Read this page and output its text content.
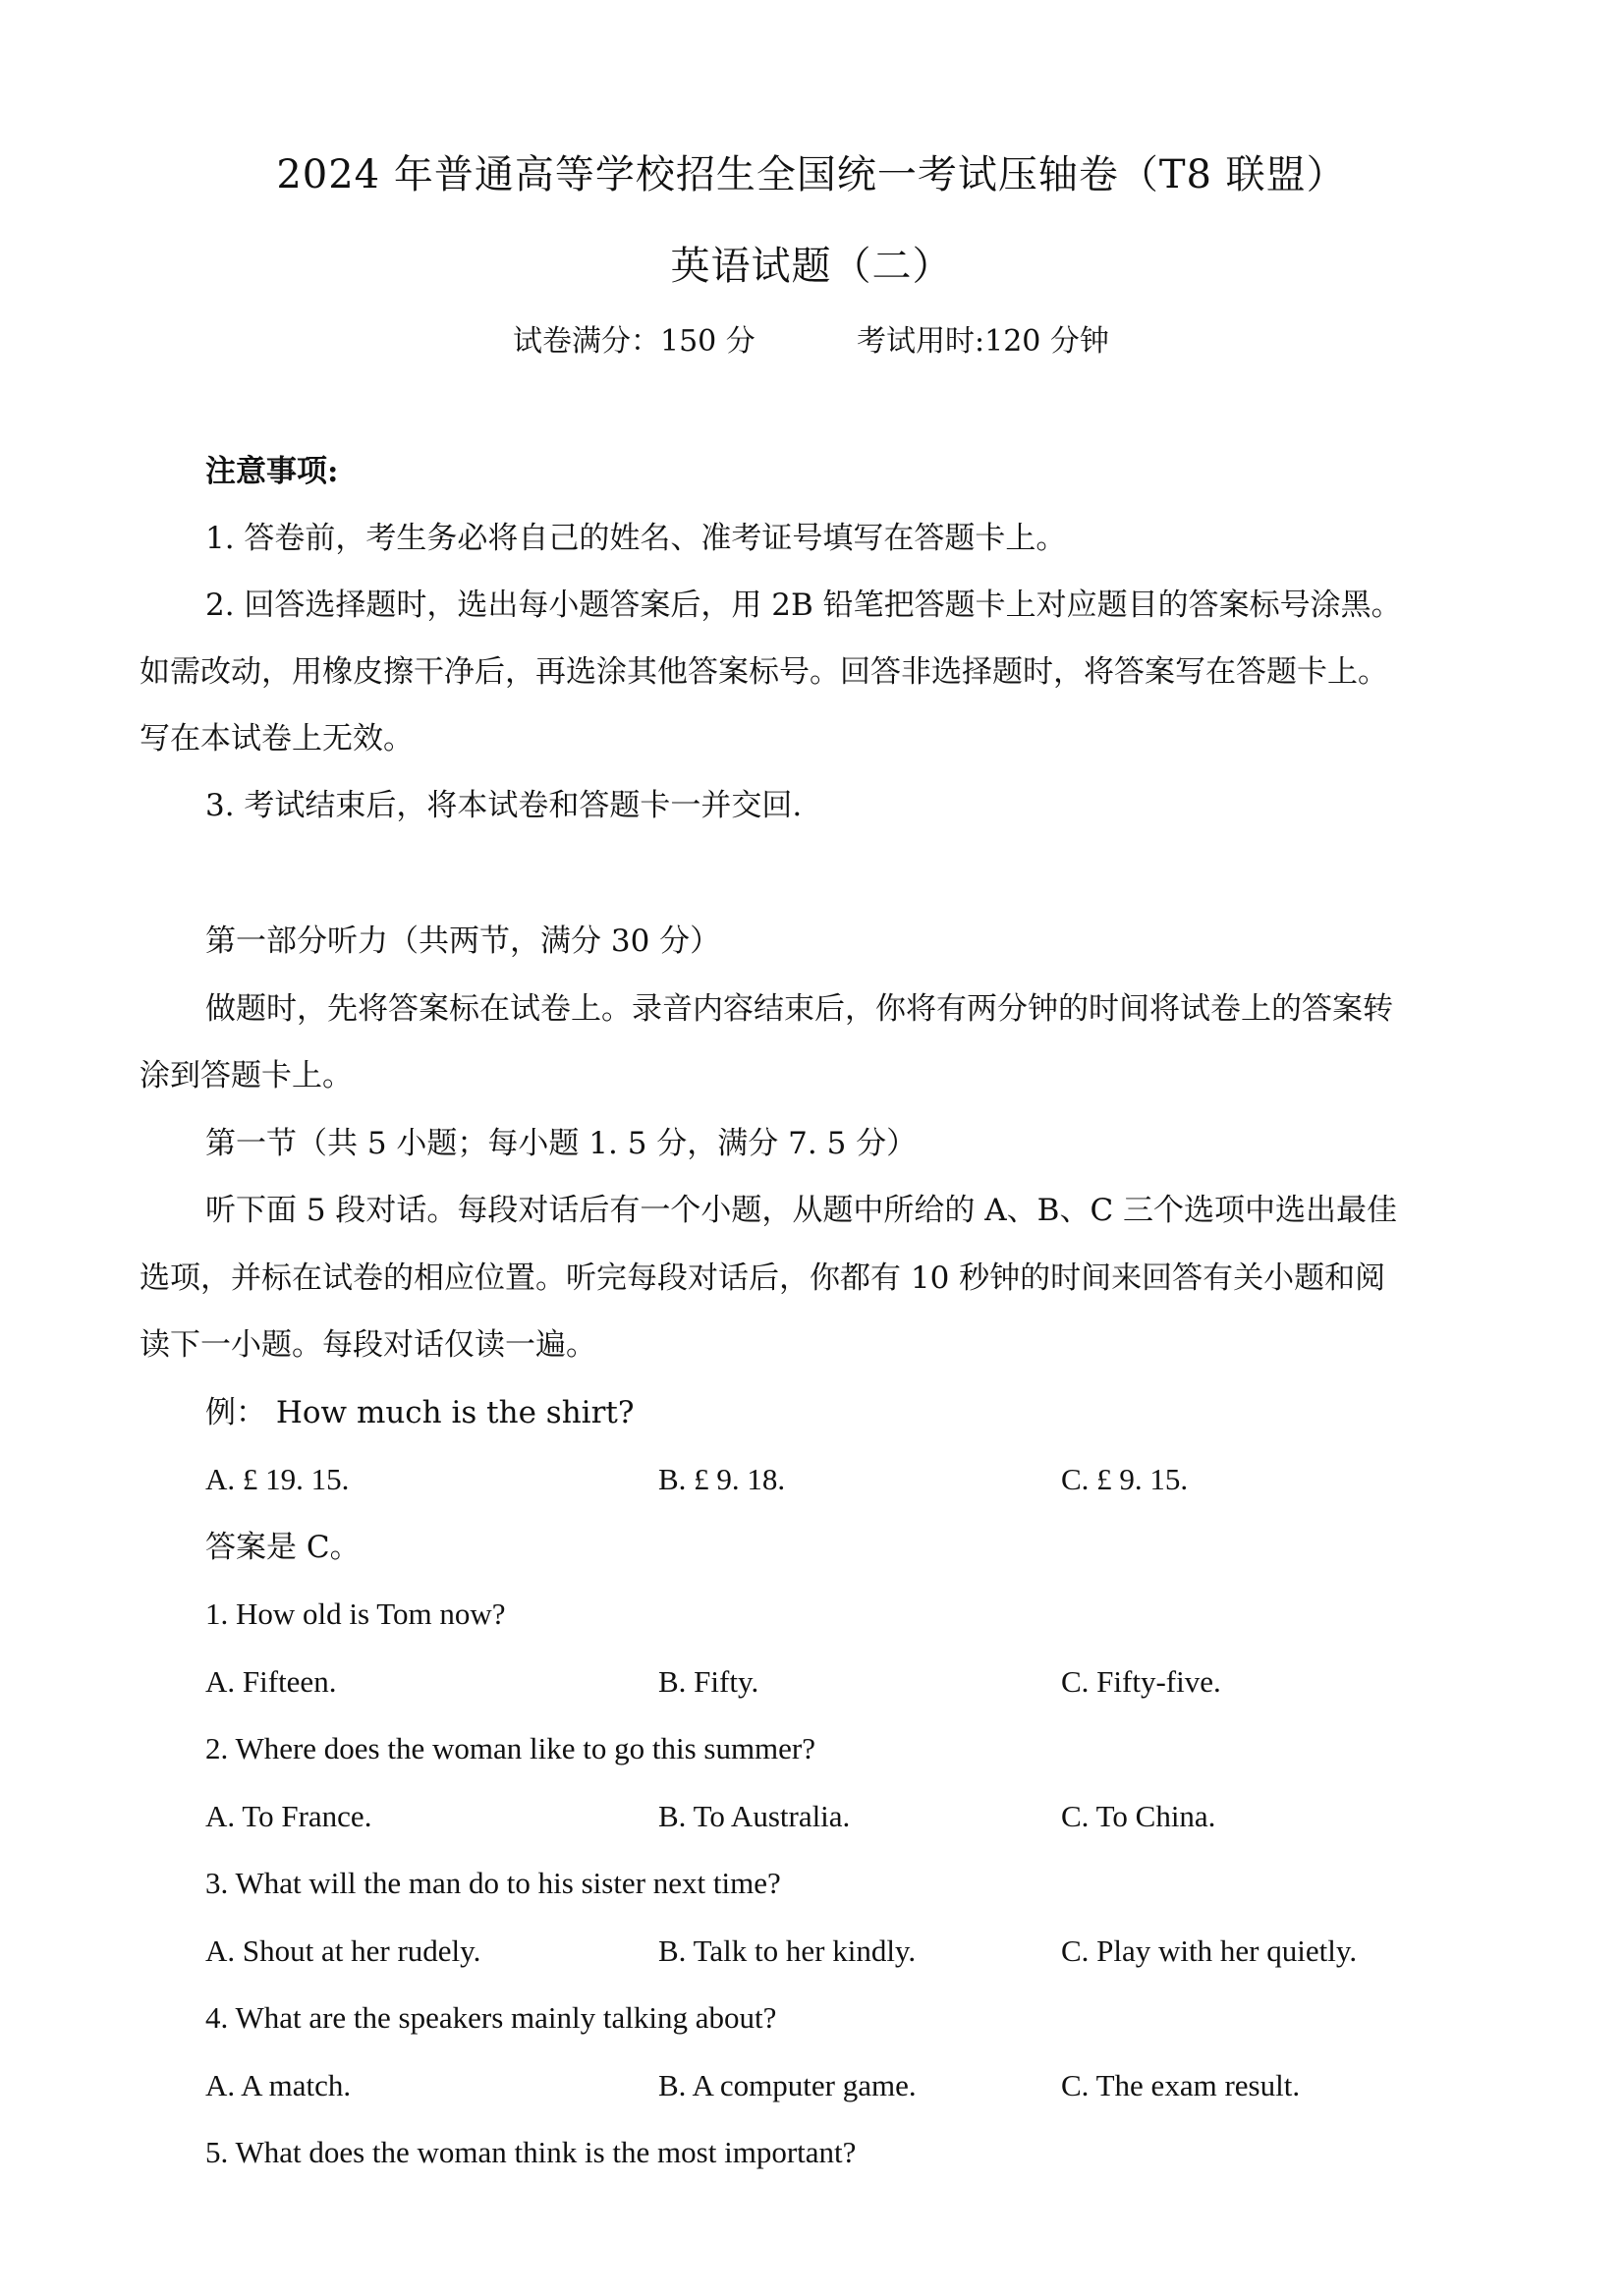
2024 年普通高等学校招生全国统一考试压轴卷（T8 联盟）
英语试题（二）
试卷满分：150 分	考试用时:120 分钟
注意事项:
1. 答卷前，考生务必将自己的姓名、准考证号填写在答题卡上。
2. 回答选择题时，选出每小题答案后，用 2B 铅笔把答题卡上对应题目的答案标号涂黑。
如需改动，用橡皮擦干净后，再选涂其他答案标号。回答非选择题时，将答案写在答题卡上。
写在本试卷上无效。
3. 考试结束后，将本试卷和答题卡一并交回.
第一部分听力（共两节，满分 30 分）
做题时，先将答案标在试卷上。录音内容结束后，你将有两分钟的时间将试卷上的答案转
涂到答题卡上。
第一节（共 5 小题；每小题 1. 5 分，满分 7. 5 分）
听下面 5 段对话。每段对话后有一个小题，从题中所给的 A、B、C 三个选项中选出最佳
选项，并标在试卷的相应位置。听完每段对话后，你都有 10 秒钟的时间来回答有关小题和阅
读下一小题。每段对话仅读一遍。
例： How much is the shirt?
A. £ 19. 15.	B. £ 9. 18.	C. £ 9. 15.
答案是 C。
1. How old is Tom now?
A. Fifteen.	B. Fifty.	C. Fifty-five.
2. Where does the woman like to go this summer?
A. To France.	B. To Australia.	C. To China.
3. What will the man do to his sister next time?
A. Shout at her rudely.	B. Talk to her kindly.	C. Play with her quietly.
4. What are the speakers mainly talking about?
A. A match.	B. A computer game.	C. The exam result.
5. What does the woman think is the most important?
